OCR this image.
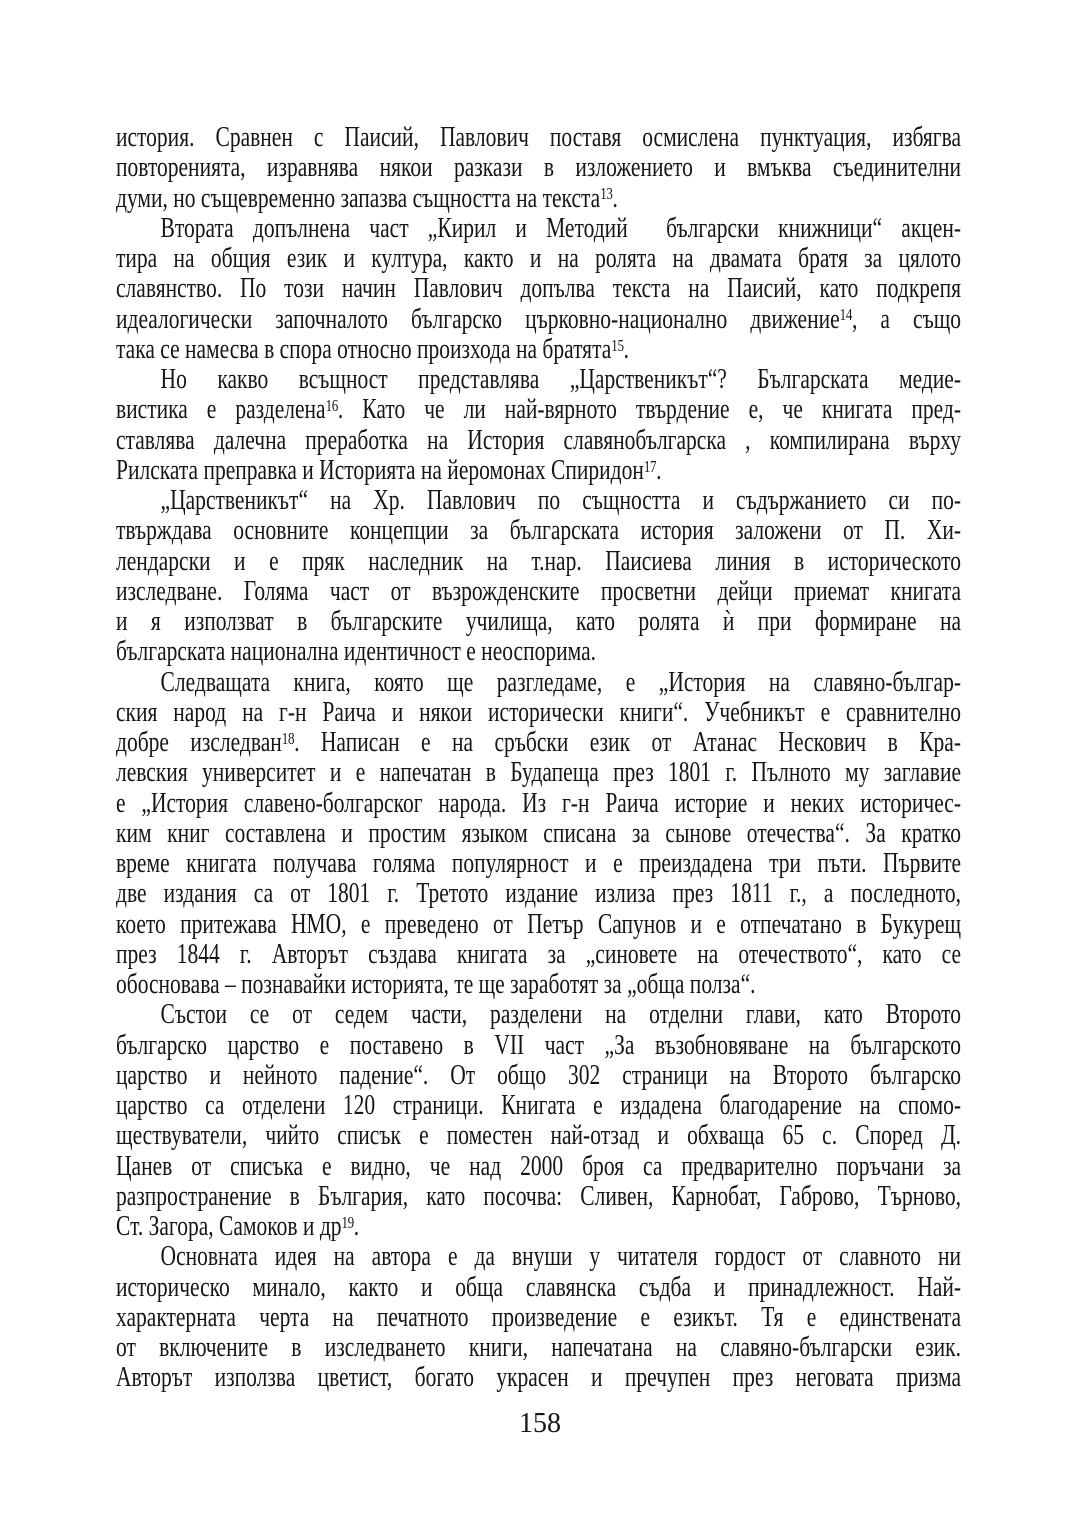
история. Сравнен с Паисий, Павлович поставя осмислена пунктуация, избягва
повторенията, изравнява някои разкази в изложението и вмъква съединителни
думи, но същевременно запазва същността на текста$^{13}$.
Втората допълнена част „Кирил и Методий  български книжници“ акцен-
тира на общия език и култура, както и на ролята на двамата братя за цялото
славянство. По този начин Павлович допълва текста на Паисий, като подкрепя
идеалогически започналото българско църковно-национално движение$^{14}$, а също
така се намесва в спора относно произхода на братята$^{15}$.
Но какво всъщност представлява „Царственикът“? Българската медие-
вистика е разделена$^{16}$. Като че ли най-вярното твърдение е, че книгата пред-
ставлява далечна преработка на История славянобългарска , компилирана върху
Рилската преправка и Историята на йеромонах Спиридон$^{17}$.
„Царственикът“ на Хр. Павлович по същността и съдържанието си по-
твърждава основните концепции за българската история заложени от П. Хи-
лендарски и е пряк наследник на т.нар. Паисиева линия в историческото
изследване. Голяма част от възрожденските просветни дейци приемат книгата
и я използват в българските училища, като ролята ѝ при формиране на
българската национална идентичност е неоспорима.
Следващата книга, която ще разгледаме, е „История на славяно-българ-
ския народ на г-н Раича и някои исторически книги“. Учебникът е сравнително
добре изследван$^{18}$. Написан е на сръбски език от Атанас Нескович в Кра-
левския университет и е напечатан в Будапеща през 1801 г. Пълното му заглавие
е „История славено-болгарског народа. Из г-н Раича историе и неких историчес-
ким книг составлена и простим языком списана за сынове отечества“. За кратко
време книгата получава голяма популярност и е преиздадена три пъти. Първите
две издания са от 1801 г. Третото издание излиза през 1811 г., а последното,
което притежава НМО, е преведено от Петър Сапунов и е отпечатано в Букурещ
през 1844 г. Авторът създава книгата за „синовете на отечеството“, като се
обосновава – познавайки историята, те ще заработят за „обща полза“.
Състои се от седем части, разделени на отделни глави, като Второто
българско царство е поставено в VII част „За възобновяване на българското
царство и нейното падение“. От общо 302 страници на Второто българско
царство са отделени 120 страници. Книгата е издадена благодарение на спомо-
ществуватели, чийто списък е поместен най-отзад и обхваща 65 с. Според Д.
Цанев от списъка е видно, че над 2000 броя са предварително поръчани за
разпространение в България, като посочва: Сливен, Карнобат, Габрово, Търново,
Ст. Загора, Самоков и др$^{19}$.
Основната идея на автора е да внуши у читателя гордост от славното ни
историческо минало, както и обща славянска съдба и принадлежност. Най-
характерната черта на печатното произведение е езикът. Тя е единствената
от включените в изследването книги, напечатана на славяно-български език.
Авторът използва цветист, богато украсен и пречупен през неговата призма
158
